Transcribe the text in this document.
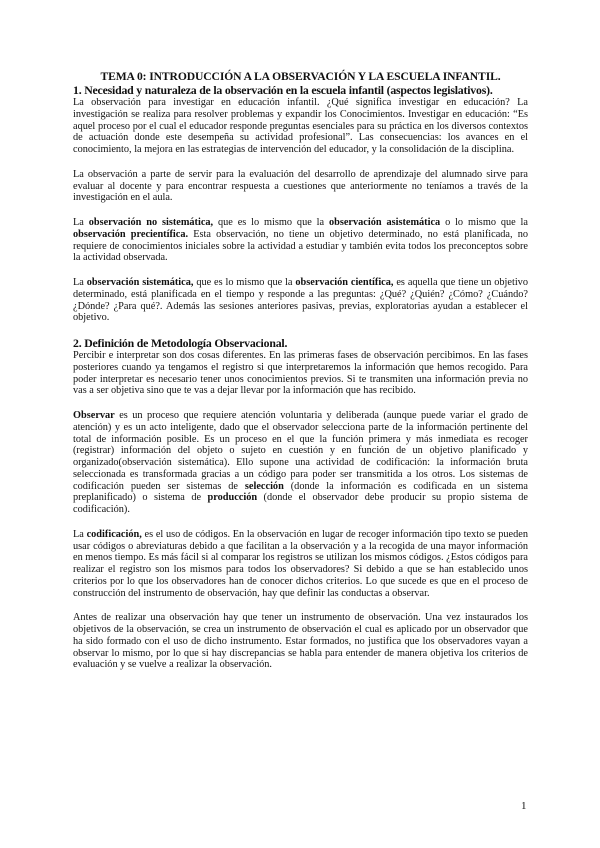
TEMA 0: INTRODUCCIÓN A LA OBSERVACIÓN Y LA ESCUELA INFANTIL.
1. Necesidad y naturaleza de la observación en la escuela infantil (aspectos legislativos).

La observación para investigar en educación infantil. ¿Qué significa investigar en educación? La investigación se realiza para resolver problemas y expandir los Conocimientos. Investigar en educación: “Es aquel proceso por el cual el educador responde preguntas esenciales para su práctica en los diversos contextos de actuación donde este desempeña su actividad profesional”. Las consecuencias: los avances en el conocimiento, la mejora en las estrategias de intervención del educador, y la consolidación de la disciplina.

La observación a parte de servir para la evaluación del desarrollo de aprendizaje del alumnado sirve para evaluar al docente y para encontrar respuesta a cuestiones que anteriormente no teníamos a través de la investigación en el aula.

La observación no sistemática, que es lo mismo que la observación asistemática o lo mismo que la observación precientífica. Esta observación, no tiene un objetivo determinado, no está planificada, no requiere de conocimientos iniciales sobre la actividad a estudiar y también evita todos los preconceptos sobre la actividad observada.

La observación sistemática, que es lo mismo que la observación científica, es aquella que tiene un objetivo determinado, está planificada en el tiempo y responde a las preguntas: ¿Qué? ¿Quién? ¿Cómo? ¿Cuándo? ¿Dónde? ¿Para qué?. Además las sesiones anteriores pasivas, previas, exploratorias ayudan a establecer el objetivo.

2. Definición de Metodología Observacional.

Percibir e interpretar son dos cosas diferentes. En las primeras fases de observación percibimos. En las fases posteriores cuando ya tengamos el registro si que interpretaremos la información que hemos recogido. Para poder interpretar es necesario tener unos conocimientos previos. Si te transmiten una información previa no vas a ser objetiva sino que te vas a dejar llevar por la información que has recibido.

Observar es un proceso que requiere atención voluntaria y deliberada (aunque puede variar el grado de atención) y es un acto inteligente, dado que el observador selecciona parte de la información pertinente del total de información posible. Es un proceso en el que la función primera y más inmediata es recoger (registrar) información del objeto o sujeto en cuestión y en función de un objetivo planificado y organizado(observación sistemática). Ello supone una actividad de codificación: la información bruta seleccionada es transformada gracias a un código para poder ser transmitida a los otros. Los sistemas de codificación pueden ser sistemas de selección (donde la información es codificada en un sistema preplanificado) o sistema de producción (donde el observador debe producir su propio sistema de codificación).

La codificación, es el uso de códigos. En la observación en lugar de recoger información tipo texto se pueden usar códigos o abreviaturas debido a que facilitan a la observación y a la recogida de una mayor información en menos tiempo. Es más fácil si al comparar los registros se utilizan los mismos códigos. ¿Estos códigos para realizar el registro son los mismos para todos los observadores? Si debido a que se han establecido unos criterios por lo que los observadores han de conocer dichos criterios. Lo que sucede es que en el proceso de construcción del instrumento de observación, hay que definir las conductas a observar.

Antes de realizar una observación hay que tener un instrumento de observación. Una vez instaurados los objetivos de la observación, se crea un instrumento de observación el cual es aplicado por un observador que ha sido formado con el uso de dicho instrumento. Estar formados, no justifica que los observadores vayan a observar lo mismo, por lo que si hay discrepancias se habla para entender de manera objetiva los criterios de evaluación y se vuelve a realizar la observación.

1
